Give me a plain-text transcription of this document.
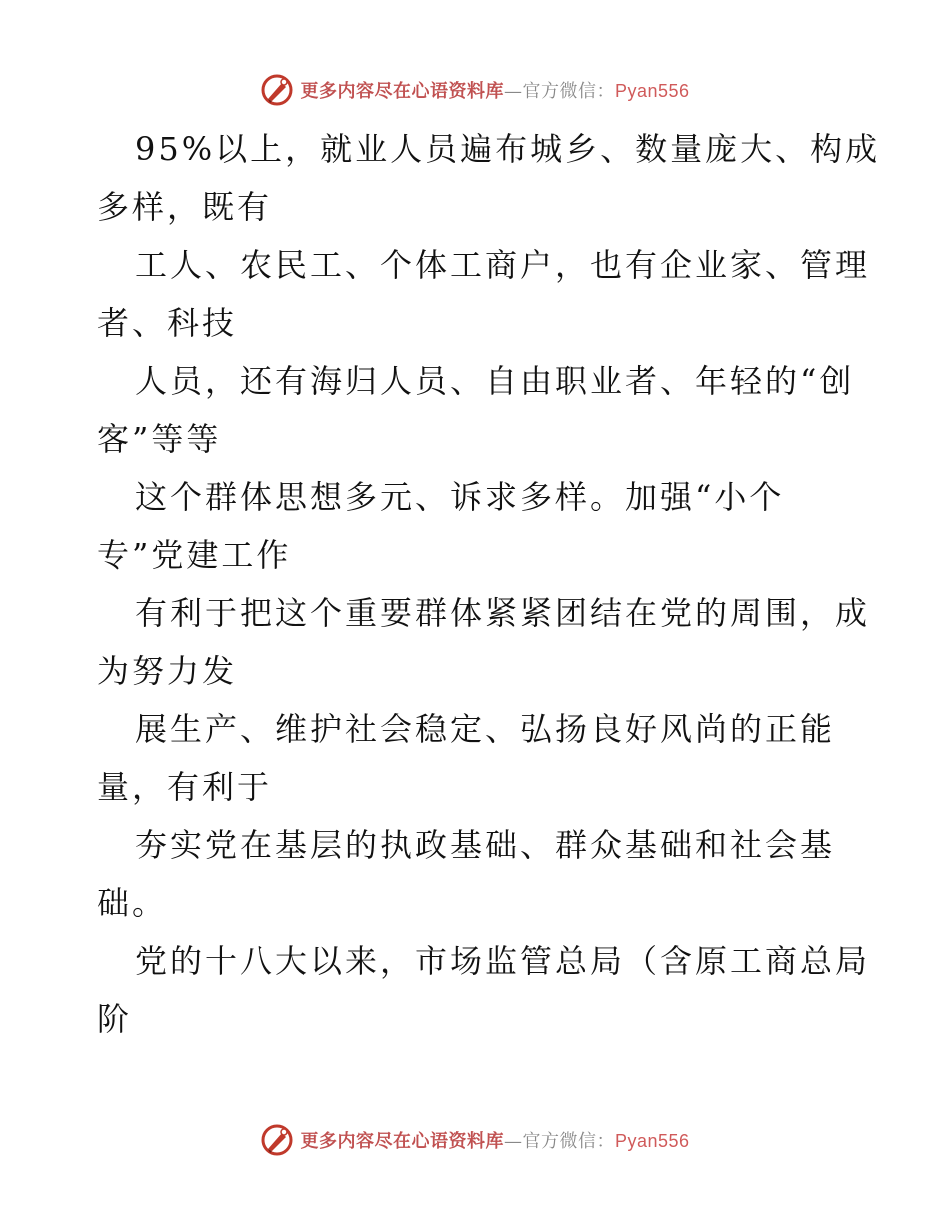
更多内容尽在心语资料库—官方微信：Pyan556
95%以上，就业人员遍布城乡、数量庞大、构成
多样，既有
工人、农民工、个体工商户，也有企业家、管理
者、科技
人员，还有海归人员、自由职业者、年轻的“创
客”等等
这个群体思想多元、诉求多样。加强“小个
专”党建工作
有利于把这个重要群体紧紧团结在党的周围，成
为努力发
展生产、维护社会稳定、弘扬良好风尚的正能
量，有利于
夯实党在基层的执政基础、群众基础和社会基
础。
党的十八大以来，市场监管总局（含原工商总局
阶
更多内容尽在心语资料库—官方微信：Pyan556
